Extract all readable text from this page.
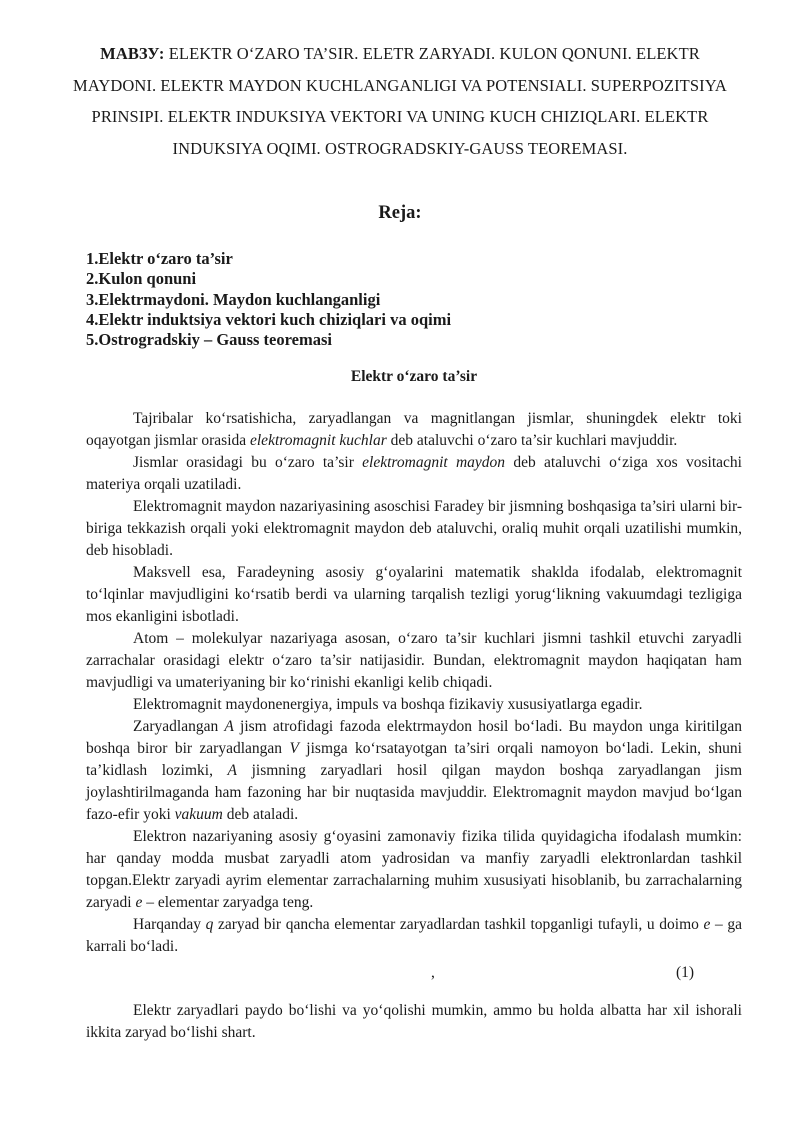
МАВЗУ: ELEKTR O‘ZARO TA’SIR. ELETR ZARYADI. KULON QONUNI. ELEKTR MAYDONI. ELEKTR MAYDON KUCHLANGANLIGI VA POTENSIALI. SUPERPOZITSIYA PRINSIPI. ELEKTR INDUKSIYA VEKTORI VA UNING KUCH CHIZIQLARI. ELEKTR INDUKSIYA OQIMI. OSTROGRADSKIY-GAUSS TEOREMASI.
Reja:
1.Elektr o‘zaro ta’sir
2.Kulon qonuni
3.Elektrmaydoni. Maydon kuchlanganligi
4.Elektr induktsiya vektori kuch chiziqlari va oqimi
5.Ostrogradskiy – Gauss teoremasi
Elektr o‘zaro ta’sir

Tajribalar ko‘rsatishicha, zaryadlangan va magnitlangan jismlar, shuningdek elektr toki oqayotgan jismlar orasida elektromagnit kuchlar deb ataluvchi o‘zaro ta’sir kuchlari mavjuddir.

Jismlar orasidagi bu o‘zaro ta’sir elektromagnit maydon deb ataluvchi o‘ziga xos vositachi materiya orqali uzatiladi.

Elektromagnit maydon nazariyasining asoschisi Faradey bir jismning boshqasiga ta’siri ularni bir-biriga tekkazish orqali yoki elektromagnit maydon deb ataluvchi, oraliq muhit orqali uzatilishi mumkin, deb hisobladi.

Maksvell esa, Faradeyning asosiy g‘oyalarini matematik shaklda ifodalab, elektromagnit to‘lqinlar mavjudligini ko‘rsatib berdi va ularning tarqalish tezligi yorug‘likning vakuumdagi tezligiga mos ekanligini isbotladi.

Atom – molekulyar nazariyaga asosan, o‘zaro ta’sir kuchlari jismni tashkil etuvchi zaryadli zarrachalar orasidagi elektr o‘zaro ta’sir natijasidir. Bundan, elektromagnit maydon haqiqatan ham mavjudligi va umateriyaning bir ko‘rinishi ekanligi kelib chiqadi.

Elektromagnit maydonenergiya, impuls va boshqa fizikaviy xususiyatlarga egadir.

Zaryadlangan A jism atrofidagi fazoda elektrmaydon hosil bo‘ladi. Bu maydon unga kiritilgan boshqa biror bir zaryadlangan V jismga ko‘rsatayotgan ta’siri orqali namoyon bo‘ladi. Lekin, shuni ta’kidlash lozimki, A jismning zaryadlari hosil qilgan maydon boshqa zaryadlangan jism joylashtirilmaganda ham fazoning har bir nuqtasida mavjuddir. Elektromagnit maydon mavjud bo‘lgan fazo-efir yoki vakuum deb ataladi.

Elektron nazariyaning asosiy g‘oyasini zamonaviy fizika tilida quyidagicha ifodalash mumkin: har qanday modda musbat zaryadli atom yadrosidan va manfiy zaryadli elektronlardan tashkil topgan.Elektr zaryadi ayrim elementar zarrachalarning muhim xususiyati hisoblanib, bu zarrachalarning zaryadi e – elementar zaryadga teng.

Harqanday q zaryad bir qancha elementar zaryadlardan tashkil topganligi tufayli, u doimo e – ga karrali bo‘ladi.

,	(1)

Elektr zaryadlari paydo bo‘lishi va yo‘qolishi mumkin, ammo bu holda albatta har xil ishorali ikkita zaryad bo‘lishi shart.
